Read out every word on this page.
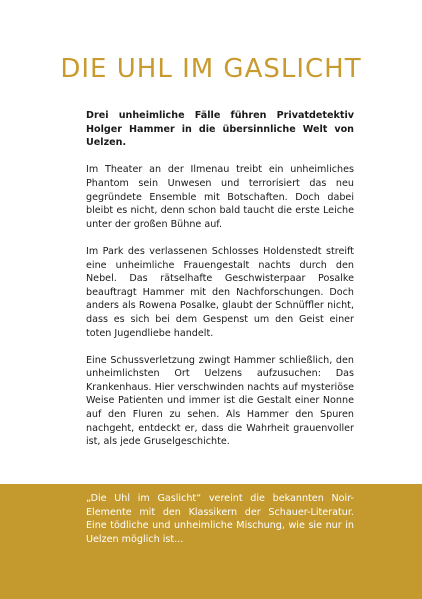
DIE UHL IM GASLICHT

Drei unheimliche Fälle führen Privatdetektiv Holger Hammer in die übersinnliche Welt von Uelzen.

Im Theater an der Ilmenau treibt ein unheimliches Phantom sein Unwesen und terrorisiert das neu gegründete Ensemble mit Botschaften. Doch dabei bleibt es nicht, denn schon bald taucht die erste Leiche unter der großen Bühne auf.

Im Park des verlassenen Schlosses Holdenstedt streift eine unheimliche Frauengestalt nachts durch den Nebel. Das rätselhafte Geschwisterpaar Posalke beauftragt Hammer mit den Nachforschungen. Doch anders als Rowena Posalke, glaubt der Schnüffler nicht, dass es sich bei dem Gespenst um den Geist einer toten Jugendliebe handelt.

Eine Schussverletzung zwingt Hammer schließlich, den unheimlichsten Ort Uelzens aufzusuchen: Das Krankenhaus. Hier verschwinden nachts auf mysteriöse Weise Patienten und immer ist die Gestalt einer Nonne auf den Fluren zu sehen. Als Hammer den Spuren nachgeht, entdeckt er, dass die Wahrheit grauenvoller ist, als jede Gruselgeschichte.

„Die Uhl im Gaslicht“ vereint die bekannten Noir-Elemente mit den Klassikern der Schauer-Literatur. Eine tödliche und unheimliche Mischung, wie sie nur in Uelzen möglich ist...
